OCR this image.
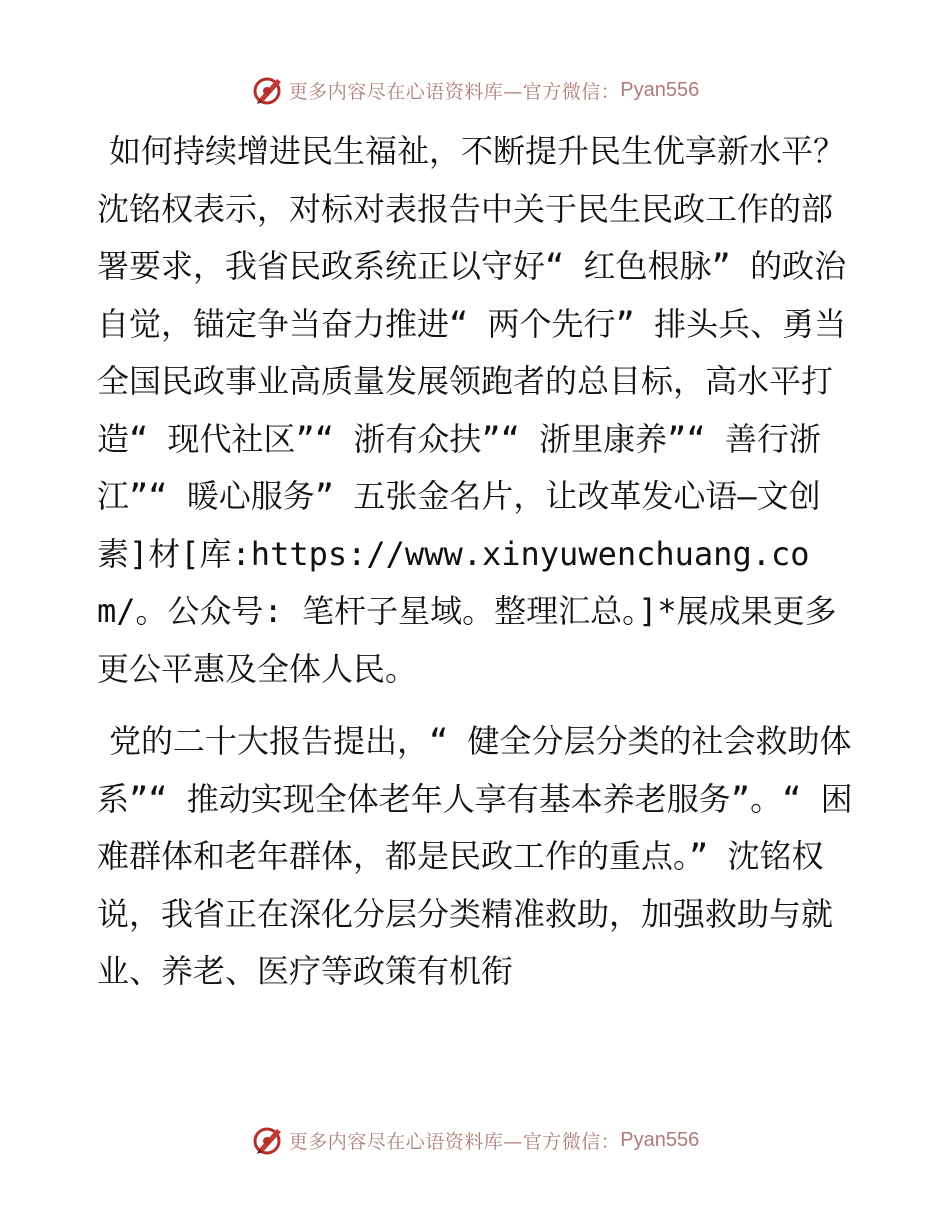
更多内容尽在心语资料库—官方微信： Pyan556

如何持续增进民生福祉，不断提升民生优享新水平？沈铭权表示，对标对表报告中关于民生民政工作的部署要求，我省民政系统正以守好“ 红色根脉” 的政治自觉，锚定争当奋力推进“ 两个先行” 排头兵、勇当全国民政事业高质量发展领跑者的总目标，高水平打造“ 现代社区”“ 浙有众扶”“ 浙里康养”“ 善行浙江”“ 暖心服务” 五张金名片，让改革发心语—文创素]材[库:https://www.xinyuwenchuang.com/。公众号: 笔杆子星域。整理汇总。]*展成果更多更公平惠及全体人民。

党的二十大报告提出，“ 健全分层分类的社会救助体系”“ 推动实现全体老年人享有基本养老服务”。“ 困难群体和老年群体，都是民政工作的重点。” 沈铭权说，我省正在深化分层分类精准救助，加强救助与就业、养老、医疗等政策有机衔

更多内容尽在心语资料库—官方微信： Pyan556
